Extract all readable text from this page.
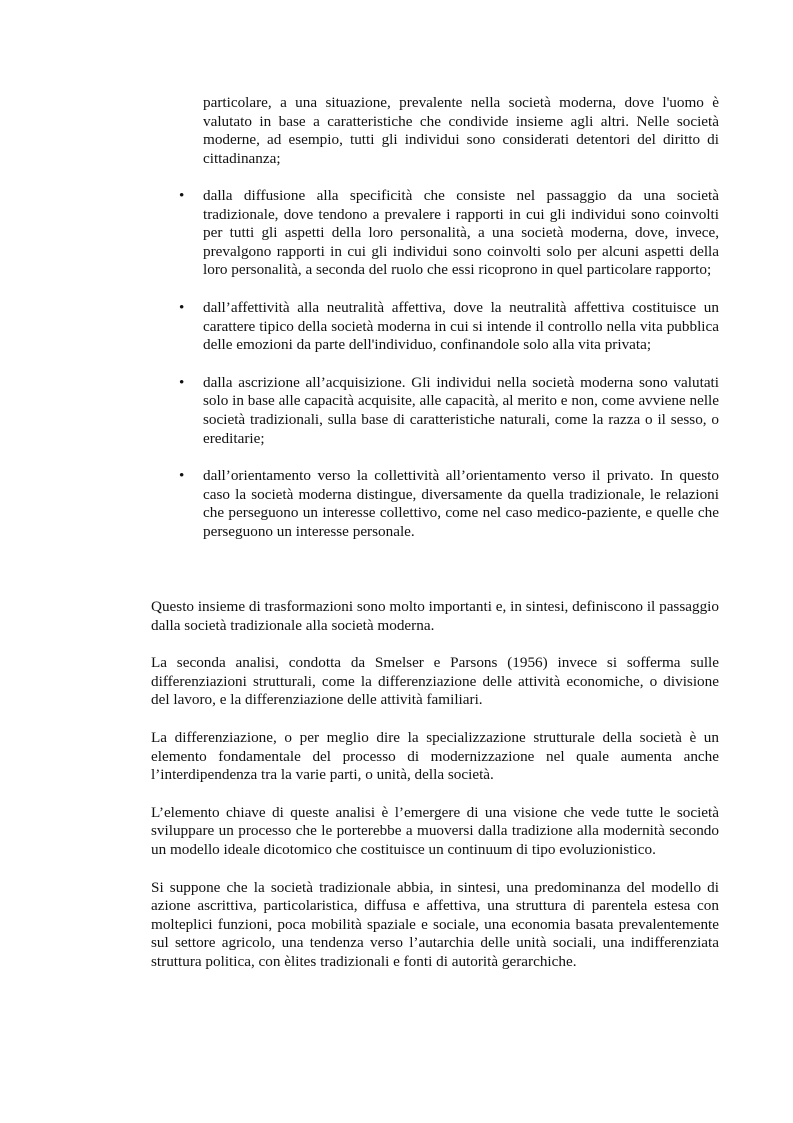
particolare, a una situazione, prevalente nella società moderna, dove l'uomo è valutato in base a caratteristiche che condivide insieme agli altri. Nelle società moderne, ad esempio, tutti gli individui sono considerati detentori del diritto di cittadinanza;

• dalla diffusione alla specificità che consiste nel passaggio da una società tradizionale, dove tendono a prevalere i rapporti in cui gli individui sono coinvolti per tutti gli aspetti della loro personalità, a una società moderna, dove, invece, prevalgono rapporti in cui gli individui sono coinvolti solo per alcuni aspetti della loro personalità, a seconda del ruolo che essi ricoprono in quel particolare rapporto;

• dall’affettività alla neutralità affettiva, dove la neutralità affettiva costituisce un carattere tipico della società moderna in cui si intende il controllo nella vita pubblica delle emozioni da parte dell'individuo, confinandole solo alla vita privata;

• dalla ascrizione all’acquisizione. Gli individui nella società moderna sono valutati solo in base alle capacità acquisite, alle capacità, al merito e non, come avviene nelle società tradizionali, sulla base di caratteristiche naturali, come la razza o il sesso, o ereditarie;

• dall’orientamento verso la collettività all’orientamento verso il privato. In questo caso la società moderna distingue, diversamente da quella tradizionale, le relazioni che perseguono un interesse collettivo, come nel caso medico-paziente, e quelle che perseguono un interesse personale.

Questo insieme di trasformazioni sono molto importanti e, in sintesi, definiscono il passaggio dalla società tradizionale alla società moderna.

La seconda analisi, condotta da Smelser e Parsons (1956) invece si sofferma sulle differenziazioni strutturali, come la differenziazione delle attività economiche, o divisione del lavoro, e la differenziazione delle attività familiari.

La differenziazione, o per meglio dire la specializzazione strutturale della società è un elemento fondamentale del processo di modernizzazione nel quale aumenta anche l’interdipendenza tra la varie parti, o unità, della società.

L’elemento chiave di queste analisi è l’emergere di una visione che vede tutte le società sviluppare un processo che le porterebbe a muoversi dalla tradizione alla modernità secondo un modello ideale dicotomico che costituisce un continuum di tipo evoluzionistico.

Si suppone che la società tradizionale abbia, in sintesi, una predominanza del modello di azione ascrittiva, particolaristica, diffusa e affettiva, una struttura di parentela estesa con molteplici funzioni, poca mobilità spaziale e sociale, una economia basata prevalentemente sul settore agricolo, una tendenza verso l’autarchia delle unità sociali, una indifferenziata struttura politica, con èlites tradizionali e fonti di autorità gerarchiche.
